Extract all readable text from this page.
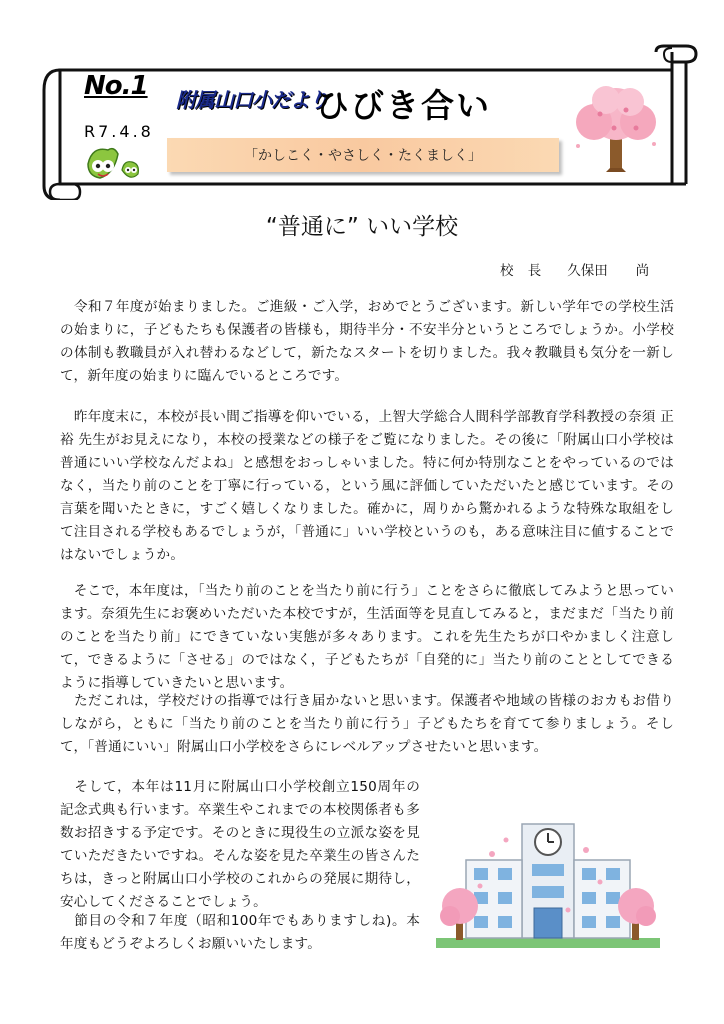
No.1
R7.4.8
附属山口小だより
ひびき合い
「かしこく・やさしく・たくましく」
“普通に” いい学校
校 長 久保田　 尚
　令和７年度が始まりました。ご進級・ご入学，おめでとうございます。新しい学年での学校生活の始まりに，子どもたちも保護者の皆様も，期待半分・不安半分というところでしょうか。小学校の体制も教職員が入れ替わるなどして，新たなスタートを切りました。我々教職員も気分を一新して，新年度の始まりに臨んでいるところです。
　昨年度末に，本校が長い間ご指導を仰いでいる，上智大学総合人間科学部教育学科教授の奈須 正裕 先生がお見えになり，本校の授業などの様子をご覧になりました。その後に「附属山口小学校は普通にいい学校なんだよね」と感想をおっしゃいました。特に何か特別なことをやっているのではなく，当たり前のことを丁寧に行っている，という風に評価していただいたと感じています。その言葉を聞いたときに，すごく嬉しくなりました。確かに，周りから驚かれるような特殊な取組をして注目される学校もあるでしょうが，「普通に」いい学校というのも，ある意味注目に値することではないでしょうか。
　そこで，本年度は，「当たり前のことを当たり前に行う」ことをさらに徹底してみようと思っています。奈須先生にお褒めいただいた本校ですが，生活面等を見直してみると，まだまだ「当たり前のことを当たり前」にできていない実態が多々あります。これを先生たちが口やかましく注意して，できるように「させる」のではなく，子どもたちが「自発的に」当たり前のこととしてできるように指導していきたいと思います。
　ただこれは，学校だけの指導では行き届かないと思います。保護者や地域の皆様のおカもお借りしながら，ともに「当たり前のことを当たり前に行う」子どもたちを育てて参りましょう。そして，「普通にいい」附属山口小学校をさらにレベルアップさせたいと思います。
　そして，本年は11月に附属山口小学校創立150周年の記念式典も行います。卒業生やこれまでの本校関係者も多数お招きする予定です。そのときに現役生の立派な姿を見ていただきたいですね。そんな姿を見た卒業生の皆さんたちは，きっと附属山口小学校のこれからの発展に期待し，安心してくださることでしょう。
　節目の令和７年度（昭和100年でもありますしね)。本年度もどうぞよろしくお願いいたします。
